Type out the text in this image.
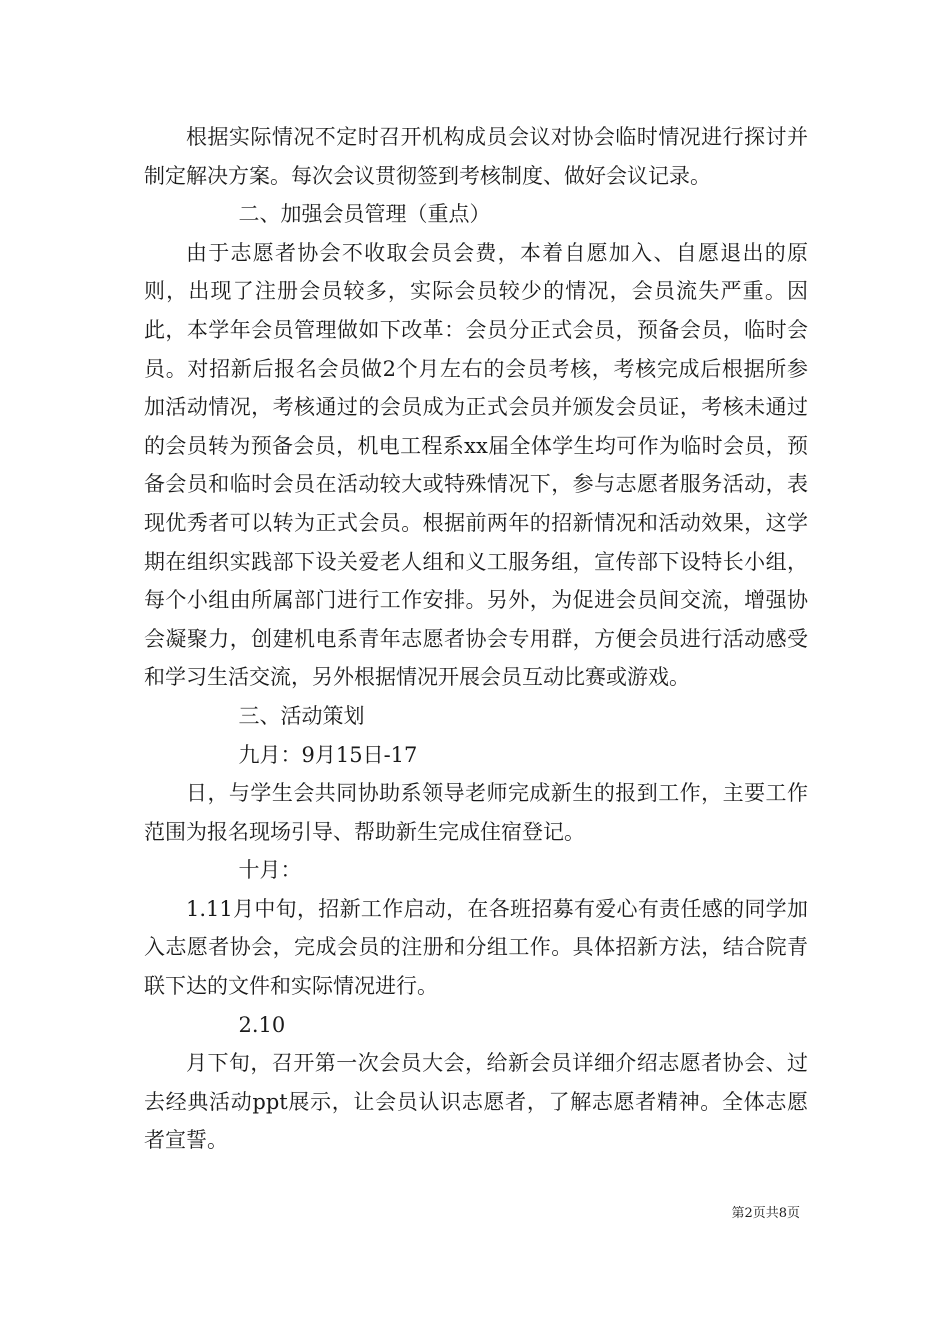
根据实际情况不定时召开机构成员会议对协会临时情况进行探讨并制定解决方案。每次会议贯彻签到考核制度、做好会议记录。

二、加强会员管理（重点）

由于志愿者协会不收取会员会费，本着自愿加入、自愿退出的原则，出现了注册会员较多，实际会员较少的情况，会员流失严重。因此，本学年会员管理做如下改革：会员分正式会员，预备会员，临时会员。对招新后报名会员做2个月左右的会员考核，考核完成后根据所参加活动情况，考核通过的会员成为正式会员并颁发会员证，考核未通过的会员转为预备会员，机电工程系xx届全体学生均可作为临时会员，预备会员和临时会员在活动较大或特殊情况下，参与志愿者服务活动，表现优秀者可以转为正式会员。根据前两年的招新情况和活动效果，这学期在组织实践部下设关爱老人组和义工服务组，宣传部下设特长小组，每个小组由所属部门进行工作安排。另外，为促进会员间交流，增强协会凝聚力，创建机电系青年志愿者协会专用群，方便会员进行活动感受和学习生活交流，另外根据情况开展会员互动比赛或游戏。

三、活动策划

九月：9月15日-17

日，与学生会共同协助系领导老师完成新生的报到工作，主要工作范围为报名现场引导、帮助新生完成住宿登记。

十月：

1.11月中旬，招新工作启动，在各班招募有爱心有责任感的同学加入志愿者协会，完成会员的注册和分组工作。具体招新方法，结合院青联下达的文件和实际情况进行。

2.10

月下旬，召开第一次会员大会，给新会员详细介绍志愿者协会、过去经典活动ppt展示，让会员认识志愿者，了解志愿者精神。全体志愿者宣誓。

第2页共8页
